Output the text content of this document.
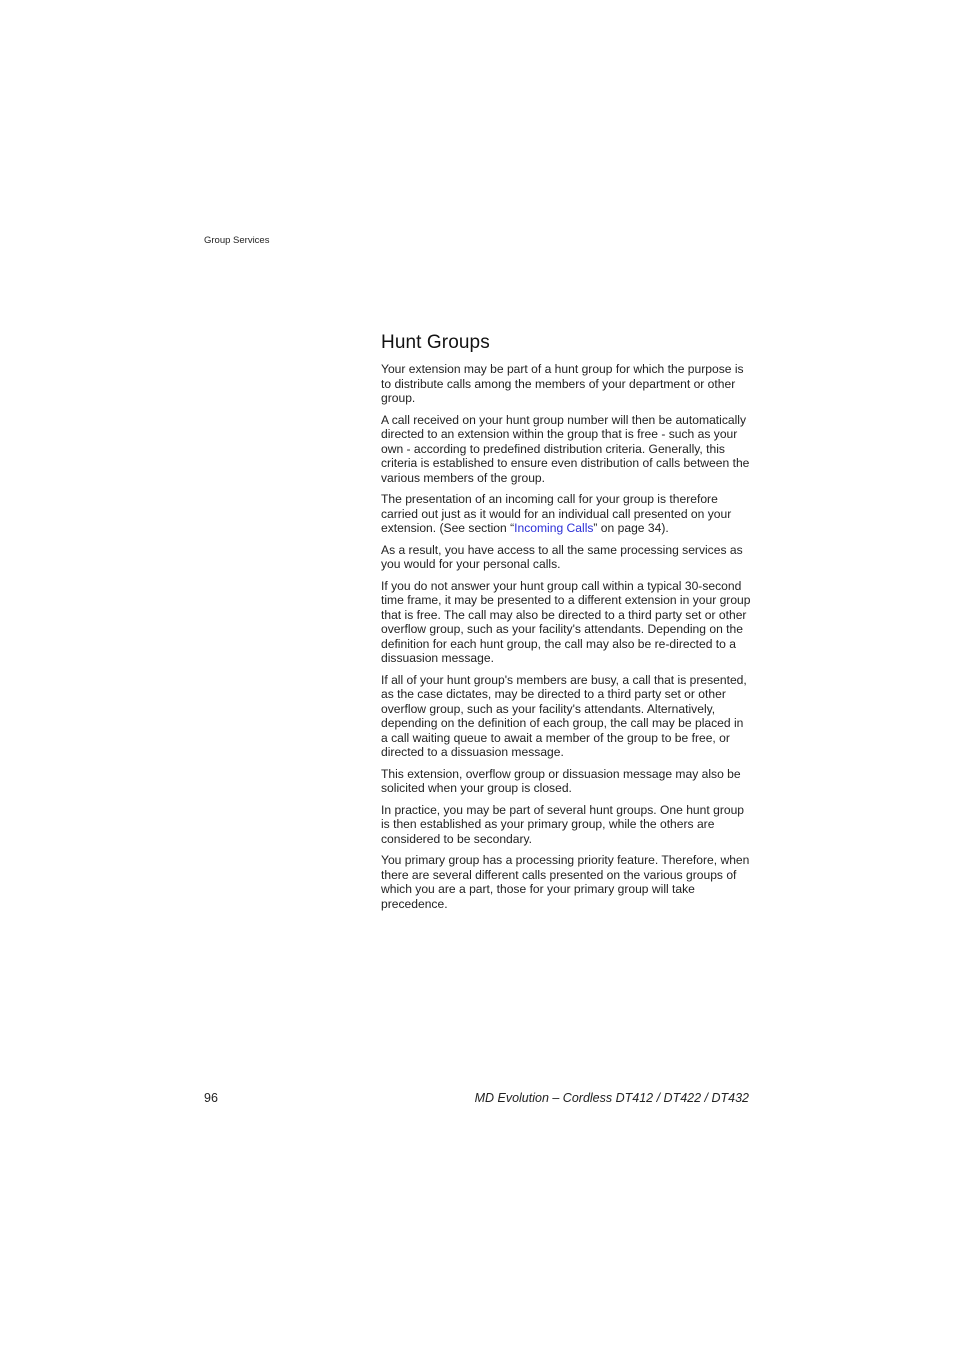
Group Services
Hunt Groups

Your extension may be part of a hunt group for which the purpose is to distribute calls among the members of your department or other group.

A call received on your hunt group number will then be automatically directed to an extension within the group that is free - such as your own - according to predefined distribution criteria. Generally, this criteria is established to ensure even distribution of calls between the various members of the group.

The presentation of an incoming call for your group is therefore carried out just as it would for an individual call presented on your extension. (See section “Incoming Calls” on page 34).

As a result, you have access to all the same processing services as you would for your personal calls.

If you do not answer your hunt group call within a typical 30-second time frame, it may be presented to a different extension in your group that is free. The call may also be directed to a third party set or other overflow group, such as your facility's attendants. Depending on the definition for each hunt group, the call may also be re-directed to a dissuasion message.

If all of your hunt group's members are busy, a call that is presented, as the case dictates, may be directed to a third party set or other overflow group, such as your facility's attendants. Alternatively, depending on the definition of each group, the call may be placed in a call waiting queue to await a member of the group to be free, or directed to a dissuasion message.

This extension, overflow group or dissuasion message may also be solicited when your group is closed.

In practice, you may be part of several hunt groups. One hunt group is then established as your primary group, while the others are considered to be secondary.

You primary group has a processing priority feature. Therefore, when there are several different calls presented on the various groups of which you are a part, those for your primary group will take precedence.

96	MD Evolution – Cordless DT412 / DT422 / DT432
